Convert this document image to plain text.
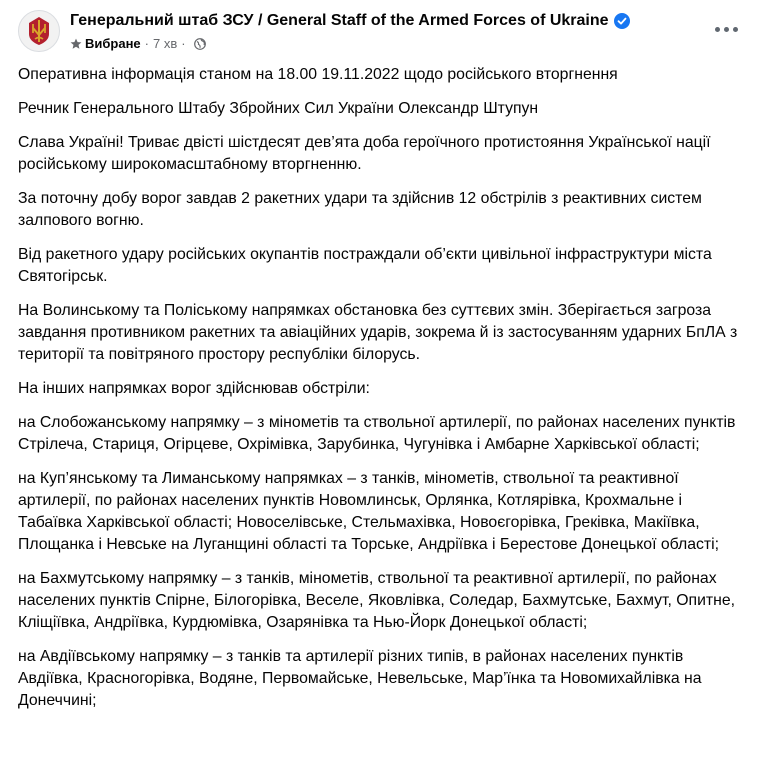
Генеральний штаб ЗСУ / General Staff of the Armed Forces of Ukraine
Вибране · 7 хв ·

Оперативна інформація станом на 18.00 19.11.2022 щодо російського вторгнення

Речник Генерального Штабу Збройних Сил України Олександр Штупун

Слава Україні! Триває двісті шістдесят дев’ята доба героїчного протистояння Української нації російському широкомасштабному вторгненню.

За поточну добу ворог завдав 2 ракетних удари та здійснив 12 обстрілів з реактивних систем залпового вогню.

Від ракетного удару російських окупантів постраждали об’єкти цивільної інфраструктури міста Святогірськ.

На Волинському та Поліському напрямках обстановка без суттєвих змін. Зберігається загроза завдання противником ракетних та авіаційних ударів, зокрема й із застосуванням ударних БпЛА з території та повітряного простору республіки білорусь.

На інших напрямках ворог здійснював обстріли:

на Слобожанському напрямку – з мінометів та ствольної артилерії, по районах населених пунктів Стрілеча, Стариця, Огірцеве, Охрімівка, Зарубинка, Чугунівка і Амбарне Харківської області;

на Куп’янському та Лиманському напрямках – з танків, мінометів, ствольної та реактивної артилерії, по районах населених пунктів Новомлинськ, Орлянка, Котлярівка, Крохмальне і Табаївка Харківської області; Новоселівське, Стельмахівка, Новоєгорівка, Греківка, Макіївка, Площанка і Невське на Луганщині області та Торське, Андріївка і Берестове Донецької області;

на Бахмутському напрямку – з танків, мінометів, ствольної та реактивної артилерії, по районах населених пунктів Спірне, Білогорівка, Веселе, Яковлівка, Соледар, Бахмутське, Бахмут, Опитне, Кліщіївка, Андріївка, Курдюмівка, Озарянівка та Нью-Йорк Донецької області;

на Авдіївському напрямку – з танків та артилерії різних типів, в районах населених пунктів Авдіївка, Красногорівка, Водяне, Первомайське, Невельське, Мар’їнка та Новомихайлівка на Донеччині;
